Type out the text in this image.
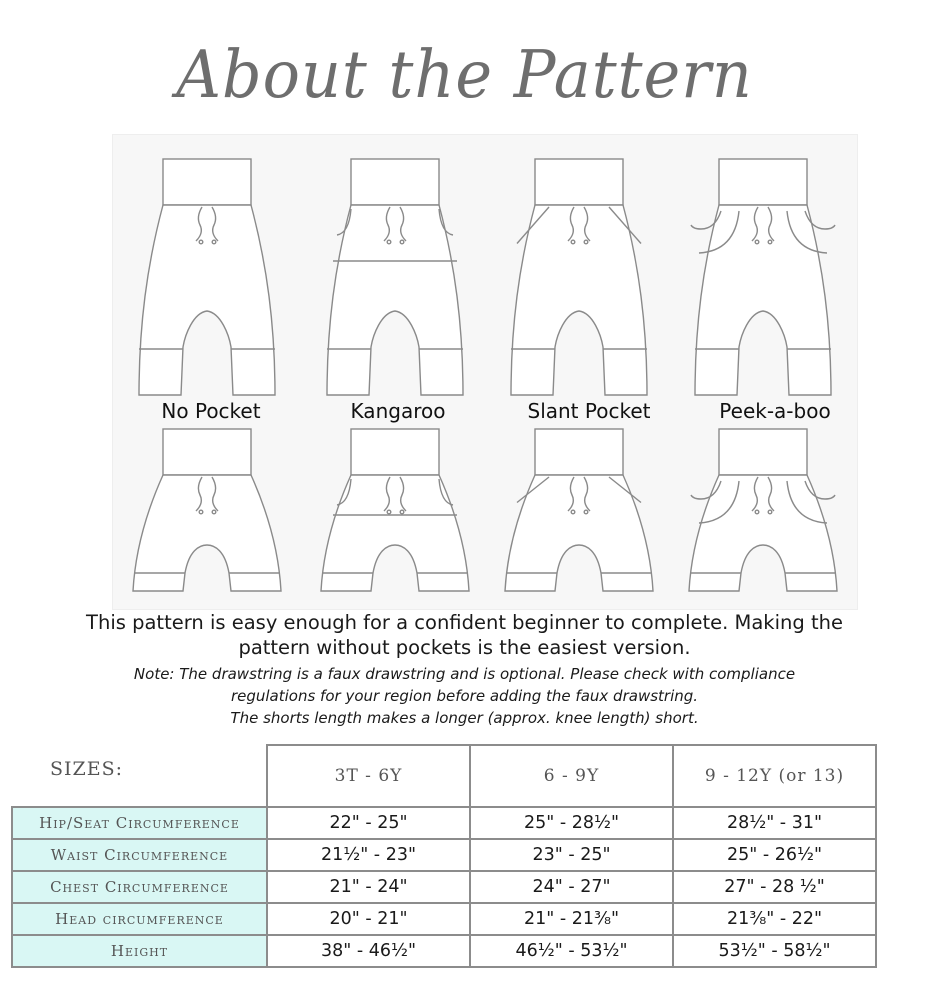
About the Pattern
No Pocket	Kangaroo	Slant Pocket	Peek-a-boo
This pattern is easy enough for a confident beginner to complete. Making the
pattern without pockets is the easiest version.
Note: The drawstring is a faux drawstring and is optional. Please check with compliance
regulations for your region before adding the faux drawstring.
The shorts length makes a longer (approx. knee length) short.
	3T - 6Y	6 - 9Y	9 - 12Y (or 13)
Hip/Seat Circumference	22" - 25"	25" - 28½"	28½" - 31"
Waist Circumference	21½" - 23"	23" - 25"	25" - 26½"
Chest Circumference	21" - 24"	24" - 27"	27" - 28 ½"
Head circumference	20" - 21"	21" - 21³⁄₈"	21³⁄₈" - 22"
Height	38" - 46½"	46½" - 53½"	53½" - 58½"
SIZES:
